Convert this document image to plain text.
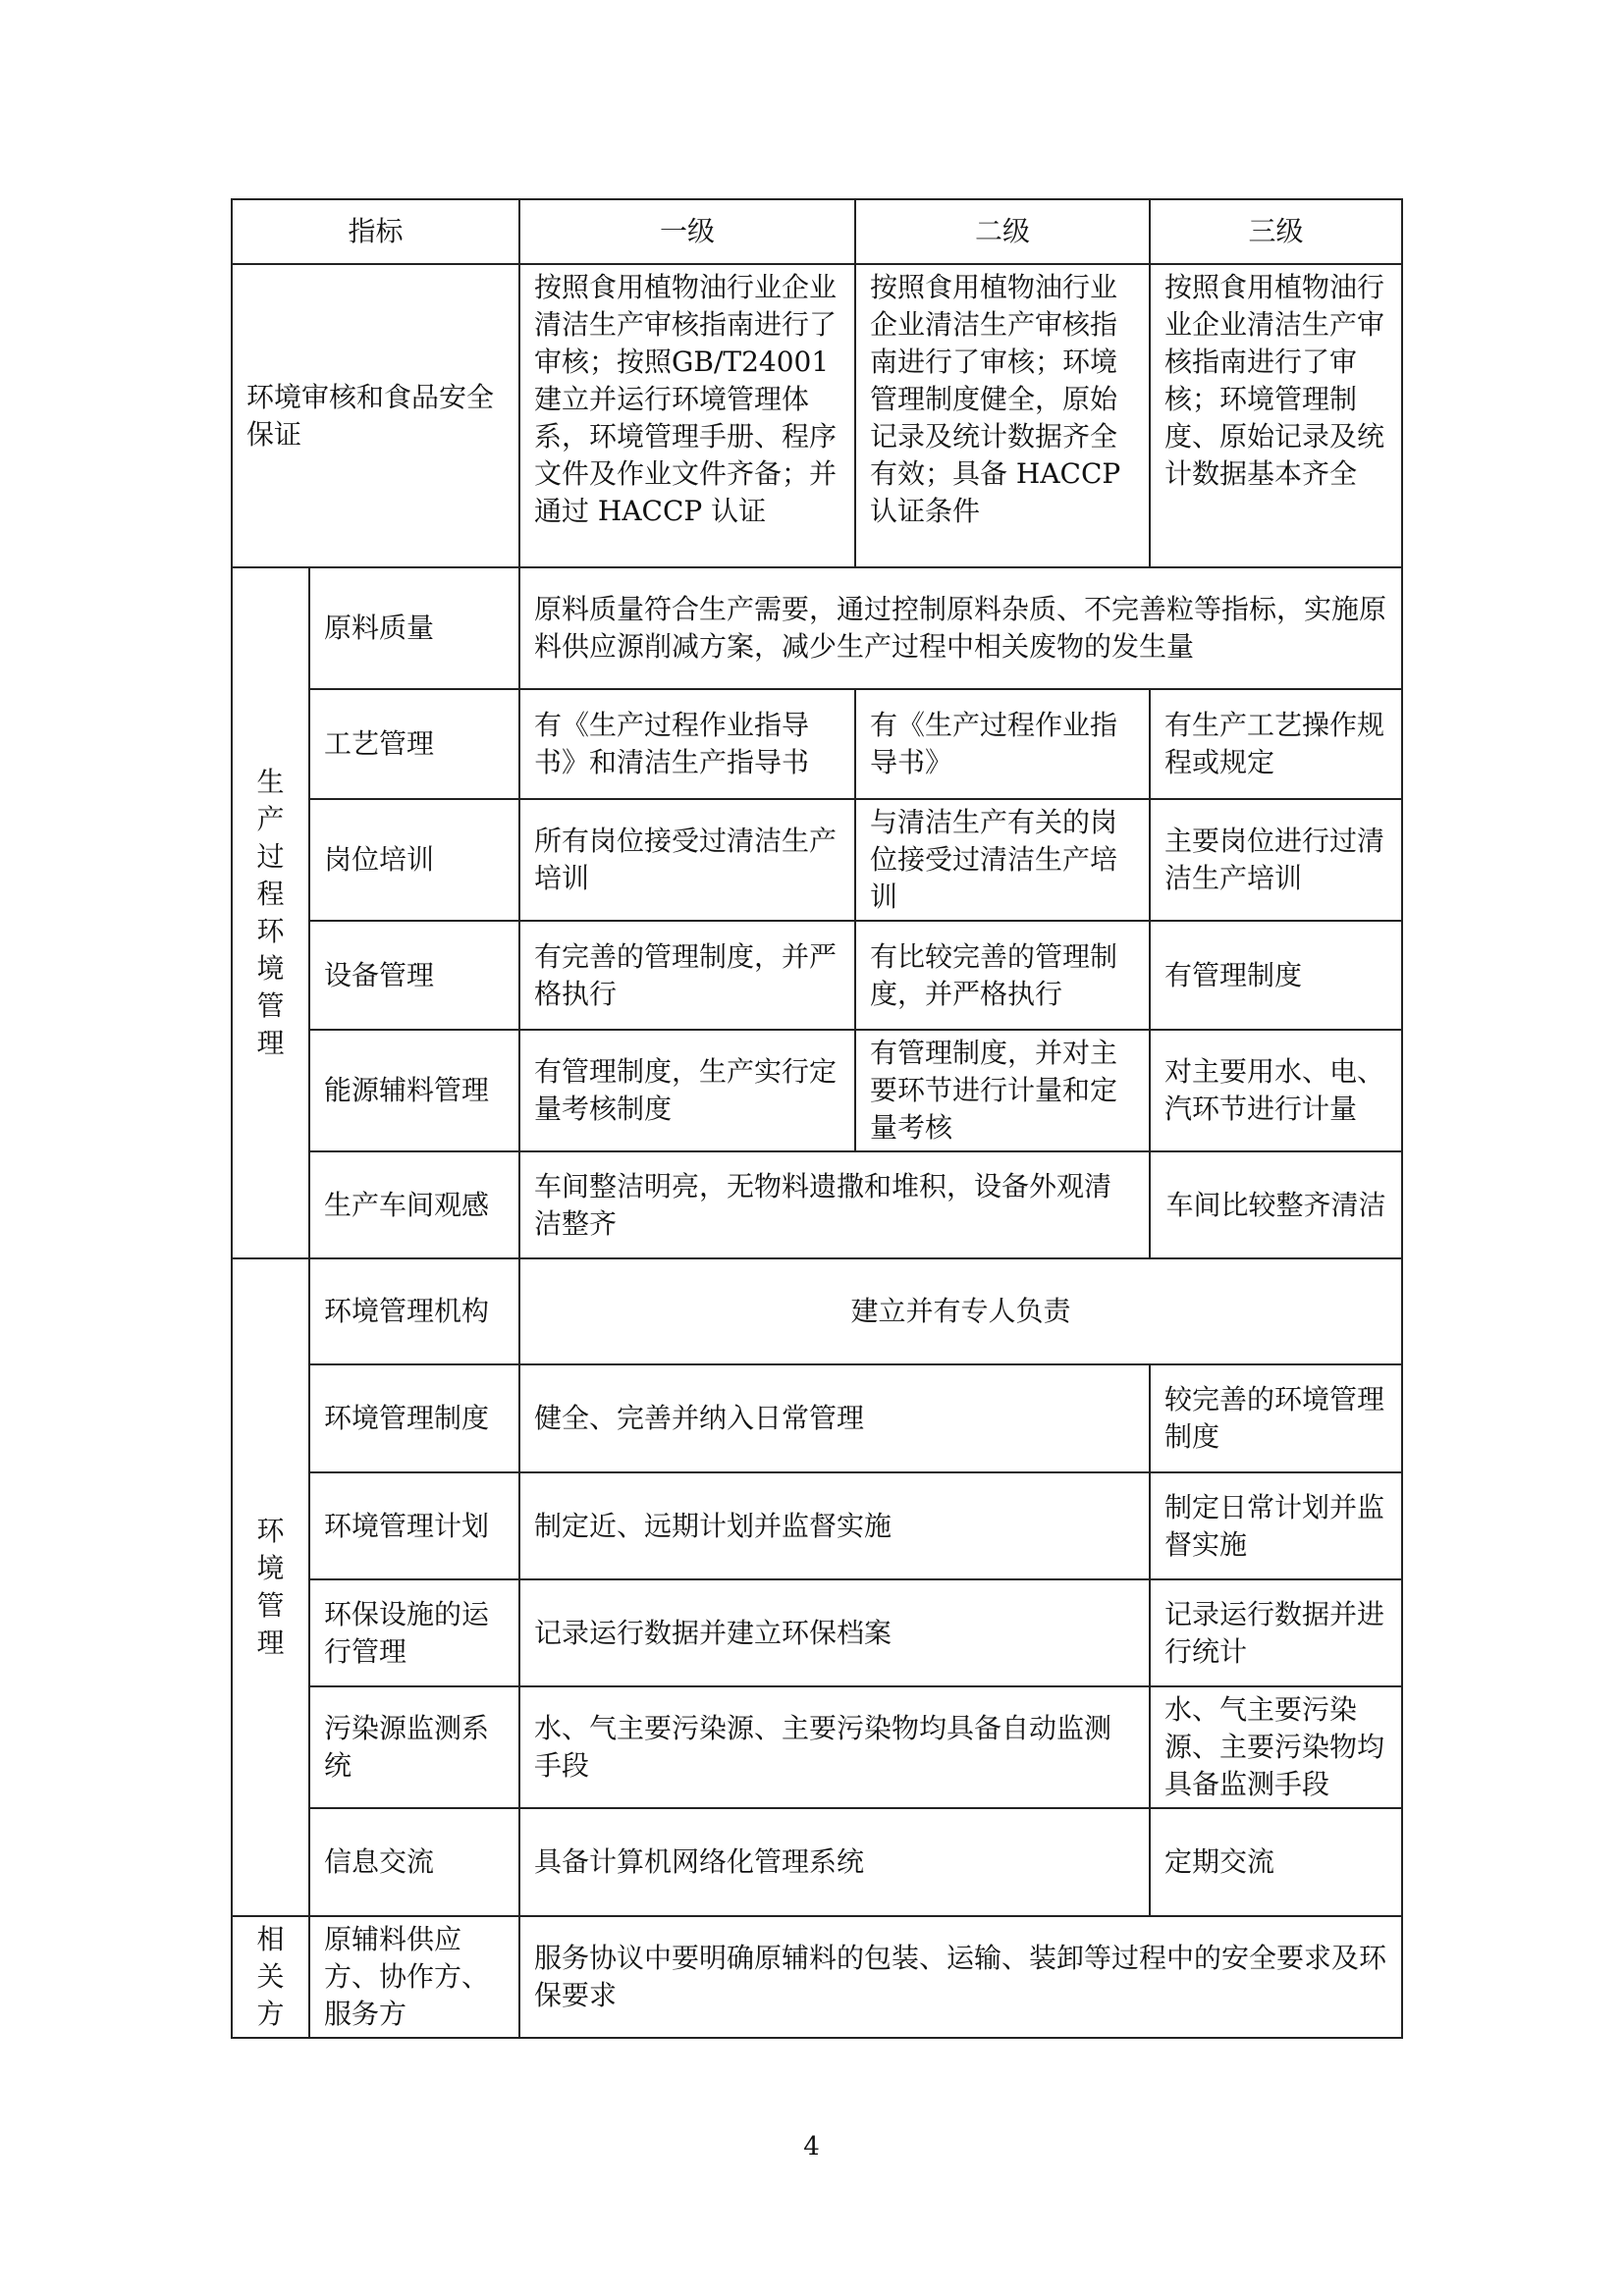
指标		一级	二级	三级
环境审核和食品安全保证		按照食用植物油行业企业清洁生产审核指南进行了审核；按照GB/T24001 建立并运行环境管理体系，环境管理手册、程序文件及作业文件齐备；并通过 HACCP 认证	按照食用植物油行业企业清洁生产审核指南进行了审核；环境管理制度健全，原始记录及统计数据齐全有效；具备 HACCP 认证条件	按照食用植物油行业企业清洁生产审核指南进行了审核；环境管理制度、原始记录及统计数据基本齐全

生产过程环境管理	原料质量	原料质量符合生产需要，通过控制原料杂质、不完善粒等指标，实施原料供应源削减方案，减少生产过程中相关废物的发生量		
	工艺管理	有《生产过程作业指导书》和清洁生产指导书	有《生产过程作业指导书》	有生产工艺操作规程或规定
	岗位培训	所有岗位接受过清洁生产培训	与清洁生产有关的岗位接受过清洁生产培训	主要岗位进行过清洁生产培训
	设备管理	有完善的管理制度，并严格执行	有比较完善的管理制度，并严格执行	有管理制度
	能源辅料管理	有管理制度，生产实行定量考核制度	有管理制度，并对主要环节进行计量和定量考核	对主要用水、电、汽环节进行计量
	生产车间观感	车间整洁明亮，无物料遗撒和堆积，设备外观清洁整齐		车间比较整齐清洁

环境管理	环境管理机构	建立并有专人负责		
	环境管理制度	健全、完善并纳入日常管理		较完善的环境管理制度
	环境管理计划	制定近、远期计划并监督实施		制定日常计划并监督实施
	环保设施的运行管理	记录运行数据并建立环保档案		记录运行数据并进行统计
	污染源监测系统	水、气主要污染源、主要污染物均具备自动监测手段		水、气主要污染源、主要污染物均具备监测手段
	信息交流	具备计算机网络化管理系统		定期交流

相关方	原辅料供应方、协作方、服务方	服务协议中要明确原辅料的包装、运输、装卸等过程中的安全要求及环保要求		
4
